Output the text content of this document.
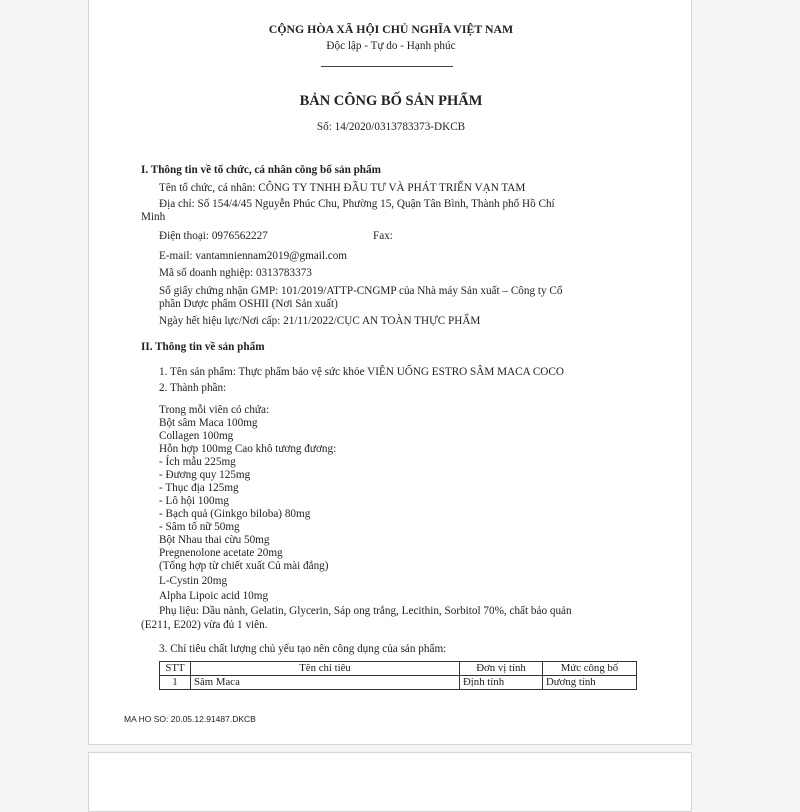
CỘNG HÒA XÃ HỘI CHỦ NGHĨA VIỆT NAM
Độc lập - Tự do - Hạnh phúc
BẢN CÔNG BỐ SẢN PHẨM
Số: 14/2020/0313783373-DKCB
I. Thông tin về tổ chức, cá nhân công bố sản phẩm
Tên tổ chức, cá nhân: CÔNG TY TNHH ĐẦU TƯ VÀ PHÁT TRIỂN VẠN TAM
Địa chỉ: Số 154/4/45 Nguyễn Phúc Chu, Phường 15, Quận Tân Bình, Thành phố Hồ Chí
Minh
Điện thoại: 0976562227	Fax:
E-mail: vantamniennam2019@gmail.com
Mã số doanh nghiệp: 0313783373
Số giấy chứng nhận GMP: 101/2019/ATTP-CNGMP của Nhà máy Sản xuất – Công ty Cổ
phần Dược phẩm OSHII (Nơi Sản xuất)
Ngày hết hiệu lực/Nơi cấp: 21/11/2022/CỤC AN TOÀN THỰC PHẨM
II. Thông tin về sản phẩm
1. Tên sản phẩm: Thực phẩm bảo vệ sức khỏe VIÊN UỐNG ESTRO SÂM MACA COCO
2. Thành phần:
Trong mỗi viên có chứa:
Bột sâm Maca 100mg
Collagen 100mg
Hỗn hợp 100mg Cao khô tương đương:
- Ích mẫu 225mg
- Đương quy 125mg
- Thục địa 125mg
- Lô hội 100mg
- Bạch quả (Ginkgo biloba) 80mg
- Sâm tố nữ 50mg
Bột Nhau thai cừu 50mg
Pregnenolone acetate 20mg
(Tổng hợp từ chiết xuất Củ mài đắng)
L-Cystin 20mg
Alpha Lipoic acid 10mg
Phụ liệu: Dầu nành, Gelatin, Glycerin, Sáp ong trắng, Lecithin, Sorbitol 70%, chất bảo quản
(E211, E202) vừa đủ 1 viên.
3. Chỉ tiêu chất lượng chủ yếu tạo nên công dụng của sản phẩm:
STT	Tên chỉ tiêu	Đơn vị tính	Mức công bố
1	Sâm Maca	Định tính	Dương tính
MA HO SO: 20.05.12.91487.DKCB
